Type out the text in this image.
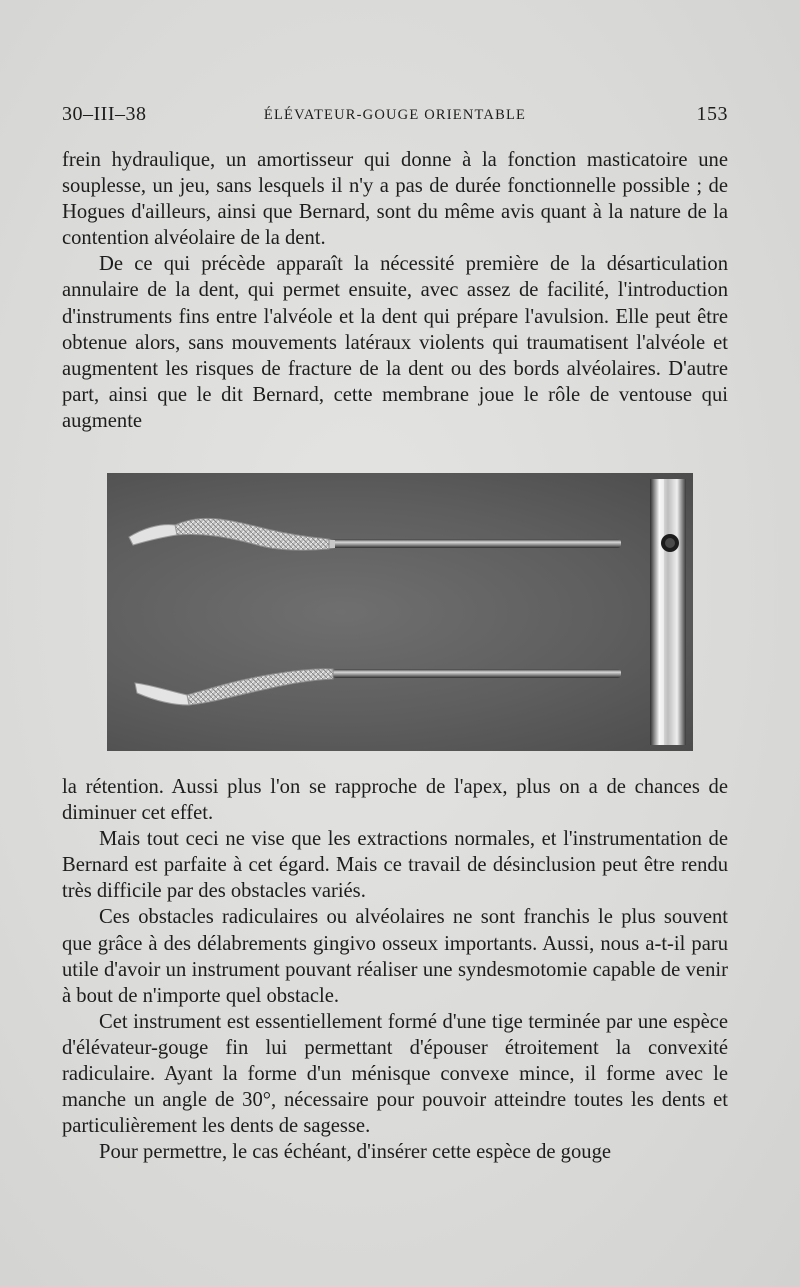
30–III–38	ÉLÉVATEUR-GOUGE ORIENTABLE	153

frein hydraulique, un amortisseur qui donne à la fonction masticatoire une souplesse, un jeu, sans lesquels il n'y a pas de durée fonctionnelle possible ; de Hogues d'ailleurs, ainsi que Bernard, sont du même avis quant à la nature de la contention alvéolaire de la dent.

De ce qui précède apparaît la nécessité première de la désarticulation annulaire de la dent, qui permet ensuite, avec assez de facilité, l'introduction d'instruments fins entre l'alvéole et la dent qui prépare l'avulsion. Elle peut être obtenue alors, sans mouvements latéraux violents qui traumatisent l'alvéole et augmentent les risques de fracture de la dent ou des bords alvéolaires. D'autre part, ainsi que le dit Bernard, cette membrane joue le rôle de ventouse qui augmente

la rétention. Aussi plus l'on se rapproche de l'apex, plus on a de chances de diminuer cet effet.

Mais tout ceci ne vise que les extractions normales, et l'instrumentation de Bernard est parfaite à cet égard. Mais ce travail de désinclusion peut être rendu très difficile par des obstacles variés.

Ces obstacles radiculaires ou alvéolaires ne sont franchis le plus souvent que grâce à des délabrements gingivo osseux importants. Aussi, nous a-t-il paru utile d'avoir un instrument pouvant réaliser une syndesmotomie capable de venir à bout de n'importe quel obstacle.

Cet instrument est essentiellement formé d'une tige terminée par une espèce d'élévateur-gouge fin lui permettant d'épouser étroitement la convexité radiculaire. Ayant la forme d'un ménisque convexe mince, il forme avec le manche un angle de 30°, nécessaire pour pouvoir atteindre toutes les dents et particulièrement les dents de sagesse.

Pour permettre, le cas échéant, d'insérer cette espèce de gouge
